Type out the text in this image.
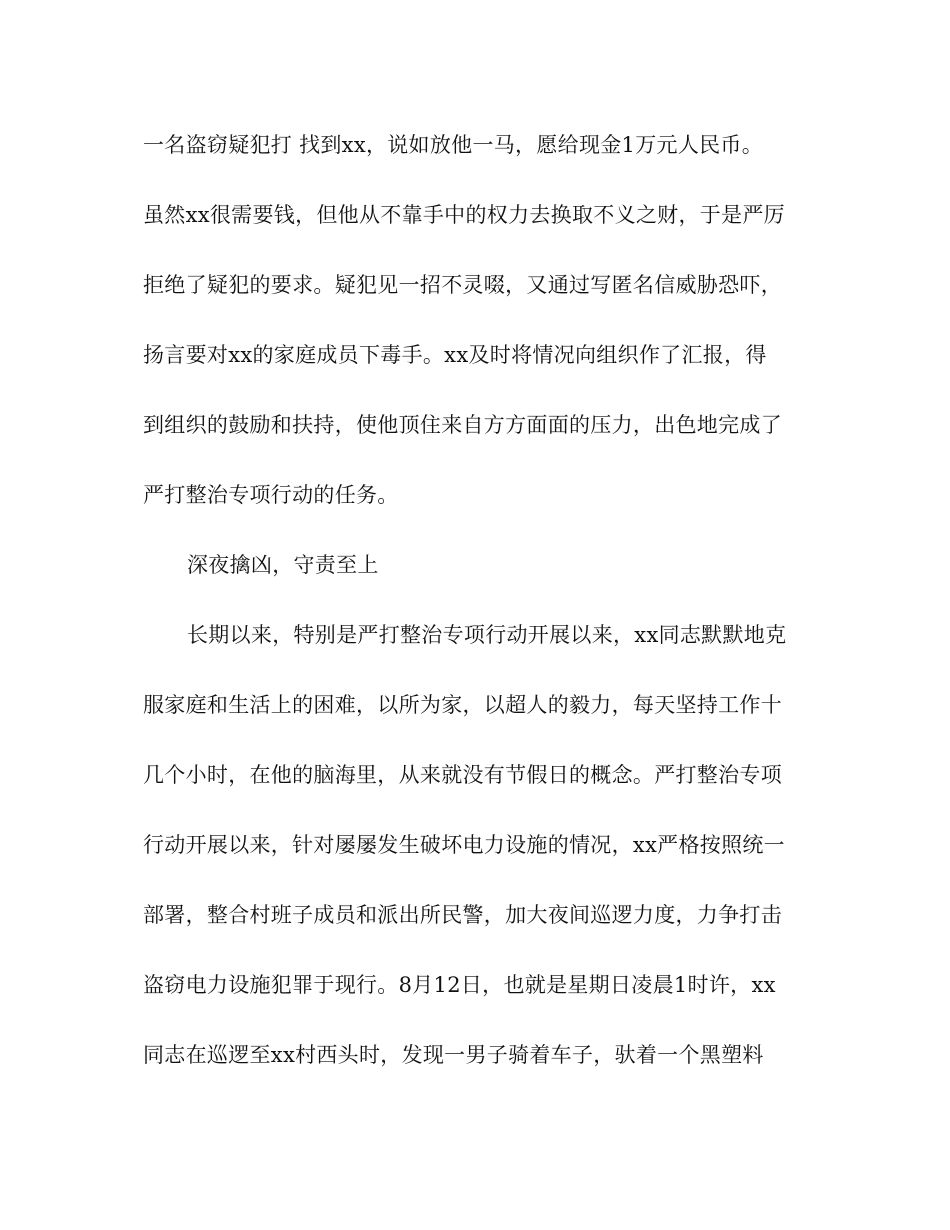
一名盗窃疑犯打 找到xx，说如放他一马，愿给现金1万元人民币。
虽然xx很需要钱，但他从不靠手中的权力去换取不义之财，于是严厉
拒绝了疑犯的要求。疑犯见一招不灵啜，又通过写匿名信威胁恐吓，
扬言要对xx的家庭成员下毒手。xx及时将情况向组织作了汇报，得
到组织的鼓励和扶持，使他顶住来自方方面面的压力，出色地完成了
严打整治专项行动的任务。
深夜擒凶，守责至上
长期以来，特别是严打整治专项行动开展以来，xx同志默默地克
服家庭和生活上的困难，以所为家，以超人的毅力，每天坚持工作十
几个小时，在他的脑海里，从来就没有节假日的概念。严打整治专项
行动开展以来，针对屡屡发生破坏电力设施的情况，xx严格按照统一
部署，整合村班子成员和派出所民警，加大夜间巡逻力度，力争打击
盗窃电力设施犯罪于现行。8月12日，也就是星期日凌晨1时许，xx
同志在巡逻至xx村西头时，发现一男子骑着车子，驮着一个黑塑料
